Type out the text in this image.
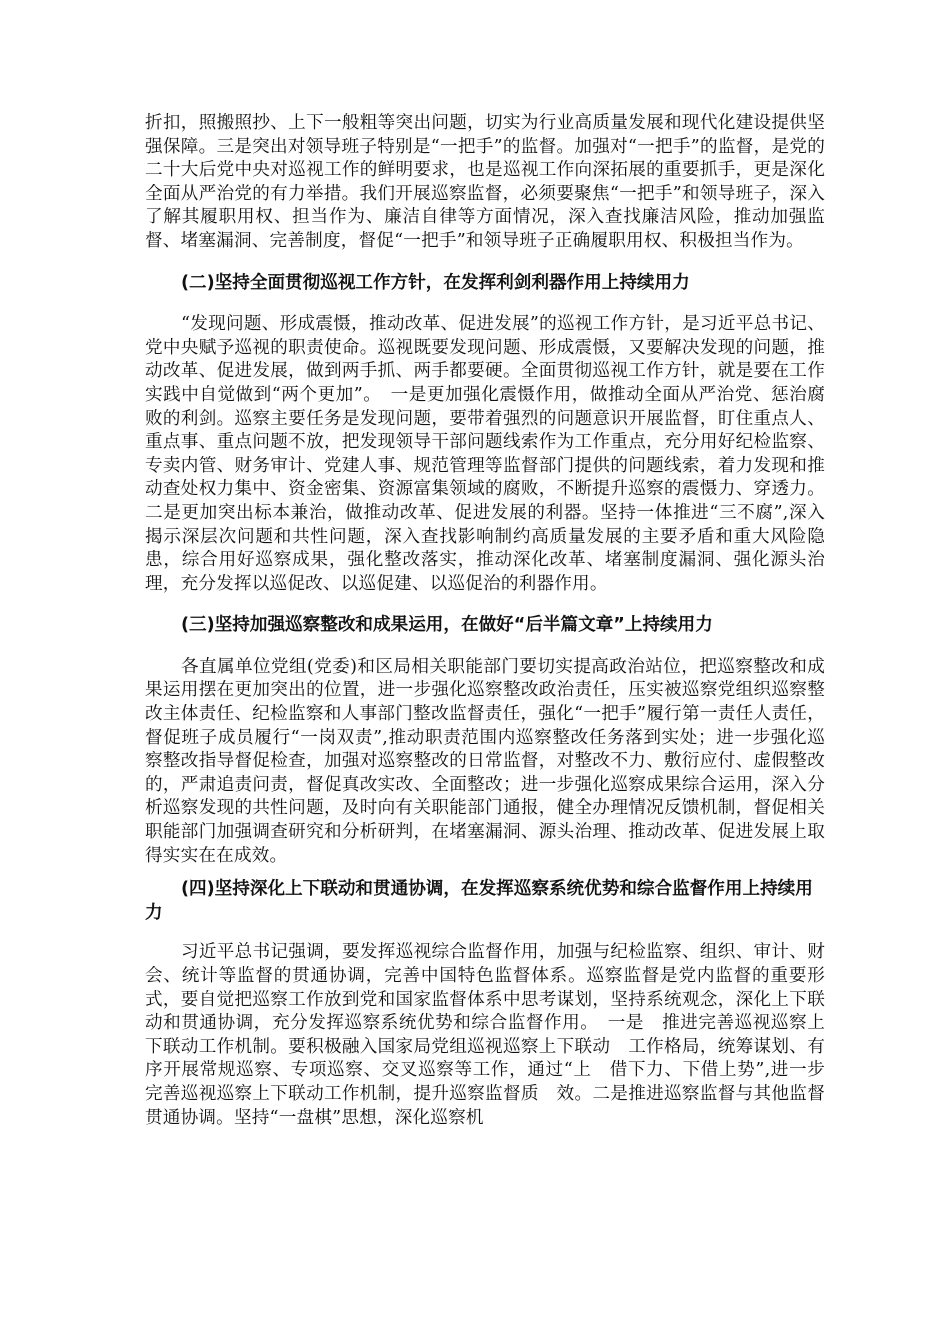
折扣，照搬照抄、上下一般粗等突出问题，切实为行业高质量发展和现代化建设提供坚强保障。三是突出对领导班子特别是“一把手”的监督。加强对“一把手”的监督，是党的二十大后党中央对巡视工作的鲜明要求，也是巡视工作向深拓展的重要抓手，更是深化全面从严治党的有力举措。我们开展巡察监督，必须要聚焦“一把手”和领导班子，深入了解其履职用权、担当作为、廉洁自律等方面情况，深入查找廉洁风险，推动加强监督、堵塞漏洞、完善制度，督促“一把手”和领导班子正确履职用权、积极担当作为。

(二)坚持全面贯彻巡视工作方针，在发挥利剑利器作用上持续用力

“发现问题、形成震慑，推动改革、促进发展”的巡视工作方针，是习近平总书记、党中央赋予巡视的职责使命。巡视既要发现问题、形成震慑，又要解决发现的问题，推动改革、促进发展，做到两手抓、两手都要硬。全面贯彻巡视工作方针，就是要在工作实践中自觉做到“两个更加”。　一是更加强化震慑作用，做推动全面从严治党、惩治腐败的利剑。巡察主要任务是发现问题，要带着强烈的问题意识开展监督，盯住重点人、重点事、重点问题不放，把发现领导干部问题线索作为工作重点，充分用好纪检监察、专卖内管、财务审计、党建人事、规范管理等监督部门提供的问题线索，着力发现和推动查处权力集中、资金密集、资源富集领域的腐败，不断提升巡察的震慑力、穿透力。二是更加突出标本兼治，做推动改革、促进发展的利器。坚持一体推进“三不腐”,深入揭示深层次问题和共性问题，深入查找影响制约高质量发展的主要矛盾和重大风险隐患，综合用好巡察成果，强化整改落实，推动深化改革、堵塞制度漏洞、强化源头治理，充分发挥以巡促改、以巡促建、以巡促治的利器作用。

(三)坚持加强巡察整改和成果运用，在做好“后半篇文章”上持续用力

各直属单位党组(党委)和区局相关职能部门要切实提高政治站位，把巡察整改和成果运用摆在更加突出的位置，进一步强化巡察整改政治责任，压实被巡察党组织巡察整改主体责任、纪检监察和人事部门整改监督责任，强化“一把手”履行第一责任人责任，督促班子成员履行“一岗双责”,推动职责范围内巡察整改任务落到实处；进一步强化巡察整改指导督促检查，加强对巡察整改的日常监督，对整改不力、敷衍应付、虚假整改的，严肃追责问责，督促真改实改、全面整改；进一步强化巡察成果综合运用，深入分析巡察发现的共性问题，及时向有关职能部门通报，健全办理情况反馈机制，督促相关职能部门加强调查研究和分析研判，在堵塞漏洞、源头治理、推动改革、促进发展上取得实实在在成效。

(四)坚持深化上下联动和贯通协调，在发挥巡察系统优势和综合监督作用上持续用力

习近平总书记强调，要发挥巡视综合监督作用，加强与纪检监察、组织、审计、财会、统计等监督的贯通协调，完善中国特色监督体系。巡察监督是党内监督的重要形式，要自觉把巡察工作放到党和国家监督体系中思考谋划，坚持系统观念，深化上下联动和贯通协调，充分发挥巡察系统优势和综合监督作用。　一是　推进完善巡视巡察上下联动工作机制。要积极融入国家局党组巡视巡察上下联动　工作格局，统筹谋划、有序开展常规巡察、专项巡察、交叉巡察等工作，通过“上　借下力、下借上势”,进一步完善巡视巡察上下联动工作机制，提升巡察监督质　效。二是推进巡察监督与其他监督贯通协调。坚持“一盘棋”思想，深化巡察机
